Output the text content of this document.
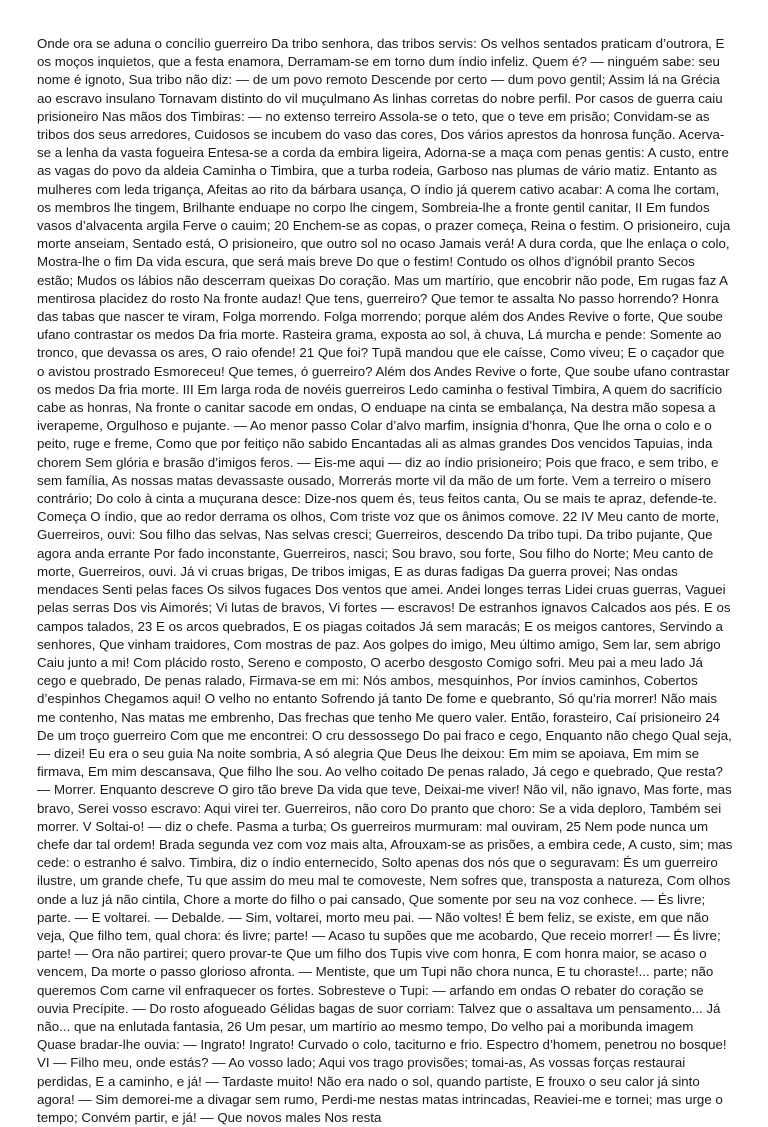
Onde ora se aduna o concílio guerreiro Da tribo senhora, das tribos servis: Os velhos sentados praticam d’outrora, E os moços inquietos, que a festa enamora, Derramam-se em torno dum índio infeliz. Quem é? — ninguém sabe: seu nome é ignoto, Sua tribo não diz: — de um povo remoto Descende por certo — dum povo gentil; Assim lá na Grécia ao escravo insulano Tornavam distinto do vil muçulmano As linhas corretas do nobre perfil. Por casos de guerra caiu prisioneiro Nas mãos dos Timbiras: — no extenso terreiro Assola-se o teto, que o teve em prisão; Convidam-se as tribos dos seus arredores, Cuidosos se incubem do vaso das cores, Dos vários aprestos da honrosa função. Acerva-se a lenha da vasta fogueira Entesa-se a corda da embira ligeira, Adorna-se a maça com penas gentis: A custo, entre as vagas do povo da aldeia Caminha o Timbira, que a turba rodeia, Garboso nas plumas de vário matiz. Entanto as mulheres com leda trigança, Afeitas ao rito da bárbara usança, O índio já querem cativo acabar: A coma lhe cortam, os membros lhe tingem, Brilhante enduape no corpo lhe cingem, Sombreia-lhe a fronte gentil canitar, II Em fundos vasos d’alvacenta argila Ferve o cauim; 20 Enchem-se as copas, o prazer começa, Reina o festim. O prisioneiro, cuja morte anseiam, Sentado está, O prisioneiro, que outro sol no ocaso Jamais verá! A dura corda, que lhe enlaça o colo, Mostra-lhe o fim Da vida escura, que será mais breve Do que o festim! Contudo os olhos d’ignóbil pranto Secos estão; Mudos os lábios não descerram queixas Do coração. Mas um martírio, que encobrir não pode, Em rugas faz A mentirosa placidez do rosto Na fronte audaz! Que tens, guerreiro? Que temor te assalta No passo horrendo? Honra das tabas que nascer te viram, Folga morrendo. Folga morrendo; porque além dos Andes Revive o forte, Que soube ufano contrastar os medos Da fria morte. Rasteira grama, exposta ao sol, à chuva, Lá murcha e pende: Somente ao tronco, que devassa os ares, O raio ofende! 21 Que foi? Tupã mandou que ele caísse, Como viveu; E o caçador que o avistou prostrado Esmoreceu! Que temes, ó guerreiro? Além dos Andes Revive o forte, Que soube ufano contrastar os medos Da fria morte. III Em larga roda de novéis guerreiros Ledo caminha o festival Timbira, A quem do sacrifício cabe as honras, Na fronte o canitar sacode em ondas, O enduape na cinta se embalança, Na destra mão sopesa a iverapeme, Orgulhoso e pujante. — Ao menor passo Colar d’alvo marfim, insígnia d’honra, Que lhe orna o colo e o peito, ruge e freme, Como que por feitiço não sabido Encantadas ali as almas grandes Dos vencidos Tapuias, inda chorem Sem glória e brasão d’imigos feros. — Eis-me aqui — diz ao índio prisioneiro; Pois que fraco, e sem tribo, e sem família, As nossas matas devassaste ousado, Morrerás morte vil da mão de um forte. Vem a terreiro o mísero contrário; Do colo à cinta a muçurana desce: Dize-nos quem és, teus feitos canta, Ou se mais te apraz, defende-te. Começa O índio, que ao redor derrama os olhos, Com triste voz que os ânimos comove. 22 IV Meu canto de morte, Guerreiros, ouvi: Sou filho das selvas, Nas selvas cresci; Guerreiros, descendo Da tribo tupi. Da tribo pujante, Que agora anda errante Por fado inconstante, Guerreiros, nasci; Sou bravo, sou forte, Sou filho do Norte; Meu canto de morte, Guerreiros, ouvi. Já vi cruas brigas, De tribos imigas, E as duras fadigas Da guerra provei; Nas ondas mendaces Senti pelas faces Os silvos fugaces Dos ventos que amei. Andei longes terras Lidei cruas guerras, Vaguei pelas serras Dos vis Aimorés; Vi lutas de bravos, Vi fortes — escravos! De estranhos ignavos Calcados aos pés. E os campos talados, 23 E os arcos quebrados, E os piagas coitados Já sem maracás; E os meigos cantores, Servindo a senhores, Que vinham traidores, Com mostras de paz. Aos golpes do imigo, Meu último amigo, Sem lar, sem abrigo Caiu junto a mi! Com plácido rosto, Sereno e composto, O acerbo desgosto Comigo sofri. Meu pai a meu lado Já cego e quebrado, De penas ralado, Firmava-se em mi: Nós ambos, mesquinhos, Por ínvios caminhos, Cobertos d’espinhos Chegamos aqui! O velho no entanto Sofrendo já tanto De fome e quebranto, Só qu’ria morrer! Não mais me contenho, Nas matas me embrenho, Das frechas que tenho Me quero valer. Então, forasteiro, Caí prisioneiro 24 De um troço guerreiro Com que me encontrei: O cru dessossego Do pai fraco e cego, Enquanto não chego Qual seja, — dizei! Eu era o seu guia Na noite sombria, A só alegria Que Deus lhe deixou: Em mim se apoiava, Em mim se firmava, Em mim descansava, Que filho lhe sou. Ao velho coitado De penas ralado, Já cego e quebrado, Que resta? — Morrer. Enquanto descreve O giro tão breve Da vida que teve, Deixai-me viver! Não vil, não ignavo, Mas forte, mas bravo, Serei vosso escravo: Aqui virei ter. Guerreiros, não coro Do pranto que choro: Se a vida deploro, Também sei morrer. V Soltai-o! — diz o chefe. Pasma a turba; Os guerreiros murmuram: mal ouviram, 25 Nem pode nunca um chefe dar tal ordem! Brada segunda vez com voz mais alta, Afrouxam-se as prisões, a embira cede, A custo, sim; mas cede: o estranho é salvo. Timbira, diz o índio enternecido, Solto apenas dos nós que o seguravam: És um guerreiro ilustre, um grande chefe, Tu que assim do meu mal te comoveste, Nem sofres que, transposta a natureza, Com olhos onde a luz já não cintila, Chore a morte do filho o pai cansado, Que somente por seu na voz conhece. — És livre; parte. — E voltarei. — Debalde. — Sim, voltarei, morto meu pai. — Não voltes! É bem feliz, se existe, em que não veja, Que filho tem, qual chora: és livre; parte! — Acaso tu supões que me acobardo, Que receio morrer! — És livre; parte! — Ora não partirei; quero provar-te Que um filho dos Tupis vive com honra, E com honra maior, se acaso o vencem, Da morte o passo glorioso afronta. — Mentiste, que um Tupi não chora nunca, E tu choraste!... parte; não queremos Com carne vil enfraquecer os fortes. Sobresteve o Tupi: — arfando em ondas O rebater do coração se ouvia Precípite. — Do rosto afogueado Gélidas bagas de suor corriam: Talvez que o assaltava um pensamento... Já não... que na enlutada fantasia, 26 Um pesar, um martírio ao mesmo tempo, Do velho pai a moribunda imagem Quase bradar-lhe ouvia: — Ingrato! Ingrato! Curvado o colo, taciturno e frio. Espectro d’homem, penetrou no bosque! VI — Filho meu, onde estás? — Ao vosso lado; Aqui vos trago provisões; tomai-as, As vossas forças restaurai perdidas, E a caminho, e já! — Tardaste muito! Não era nado o sol, quando partiste, E frouxo o seu calor já sinto agora! — Sim demorei-me a divagar sem rumo, Perdi-me nestas matas intrincadas, Reaviei-me e tornei; mas urge o tempo; Convém partir, e já! — Que novos males Nos resta
